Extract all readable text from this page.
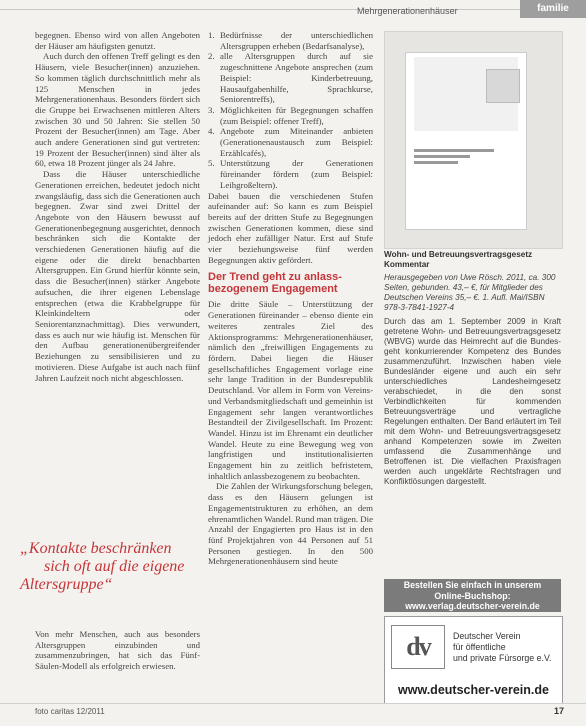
Mehrgenerationenhäuser	familie

begegnen. Ebenso wird von allen Angeboten der Häuser am häufigsten genutzt.

Auch durch den offenen Treff gelingt es den Häusern, viele Besucher(innen) anzuziehen. So kommen täglich durchschnittlich mehr als 125 Menschen in jedes Mehrgenerationenhaus. Besonders fördert sich die Gruppe bei Erwachsenen mittleren Alters zwischen 30 und 50 Jahren: Sie stellen 50 Prozent der Besucher(innen) am Tage. Aber auch andere Generationen sind gut vertreten: 19 Prozent der Besucher(innen) sind älter als 60, etwa 18 Prozent jünger als 24 Jahre.

Dass die Häuser unterschiedliche Generationen erreichen, bedeutet jedoch nicht zwangsläufig, dass sich die Generationen auch begegnen. Zwar sind zwei Drittel der Angebote von den Häusern bewusst auf Generationenbegegnung ausgerichtet, dennoch beschränken sich die Kontakte der verschiedenen Generationen häufig auf die eigene oder die direkt benachbarten Altersgruppen. Ein Grund hierfür könnte sein, dass die Besucher(innen) stärker Angebote aufsuchen, die ihrer eigenen Lebenslage entsprechen (etwa die Krabbelgruppe für Kleinkindeltern oder Seniorentanznachmittag). Dies verwundert, dass es auch nur wie häufig ist. Menschen für den Aufbau generationenübergreifender Beziehungen zu sensibilisieren und zu motivieren. Diese Aufgabe ist auch nach fünf Jahren Laufzeit noch nicht abgeschlossen.

„Kontakte beschränken
sich oft auf die eigene
Altersgruppe“

Von mehr Menschen, auch aus besonders Altersgruppen einzubinden und zusammenzubringen, hat sich das Fünf-Säulen-Modell als erfolgreich erwiesen.

1. Bedürfnisse der unterschiedlichen Altersgruppen erheben (Bedarfsanalyse),
2. alle Altersgruppen durch auf sie zugeschnittene Angebote ansprechen (zum Beispiel: Kinderbetreuung, Hausaufgabenhilfe, Sprachkurse, Seniorentreffs),
3. Möglichkeiten für Begegnungen schaffen (zum Beispiel: offener Treff),
4. Angebote zum Miteinander anbieten (Generationenaustausch zum Beispiel: Erzählcafés),
5. Unterstützung der Generationen füreinander fördern (zum Beispiel: Leihgroßeltern).

Dabei bauen die verschiedenen Stufen aufeinander auf: So kann es zum Beispiel bereits auf der dritten Stufe zu Begegnungen zwischen Generationen kommen, diese sind jedoch eher zufälliger Natur. Erst auf Stufe vier beziehungsweise fünf werden Begegnungen aktiv gefördert.

Der Trend geht zu anlass-
bezogenem Engagement

Die dritte Säule – Unterstützung der Generationen füreinander – ebenso diente ein weiteres zentrales Ziel des Aktionsprogramms: Mehrgenerationenhäuser, nämlich den „freiwilligen Engagements zu fördern. Dabei liegen die Häuser gesellschaftliches Engagement vorlage eine sehr lange Tradition in der Bundesrepublik Deutschland. Vor allem in Form von Vereins- und Verbandsmitgliedschaft und gemeinhin ist Engagement sehr langen verantwortliches Bestandteil der Zivilgesellschaft. Im Prozent: Wandel. Hinzu ist im Ehrenamt ein deutlicher Wandel. Heute zu eine Bewegung weg von langfristigen und institutionalisierten Engagement hin zu zeitlich befristetem, inhaltlich anlassbezogenem zu beobachten.

Die Zahlen der Wirkungsforschung belegen, dass es den Häusern gelungen ist Engagementstrukturen zu erhöhen, an dem ehrenamtlichen Wandel. Rund man trägen. Die Anzahl der Engagierten pro Haus ist in den fünf Projektjahren von 44 Personen auf 51 Personen gestiegen. In den 500 Mehrgenerationenhäusern sind heute

Wohn- und Betreuungsvertragsgesetz Kommentar
Herausgegeben von Uwe Rösch. 2011, ca. 300 Seiten, gebunden. 43,– €, für Mitglieder des Deutschen Vereins 35,– €. 1. Aufl. Mai/ISBN 978-3-7841-1927-4
Durch das am 1. September 2009 in Kraft getretene Wohn- und Betreuungsvertragsgesetz (WBVG) wurde das Heimrecht auf die Bundes- geht konkurrierender Kompetenz des Bundes zusammenzuführt. Inzwischen haben viele Bundesländer eigene und auch ein sehr unterschiedliches Landesheimgesetz verabschiedet, in die den sonst Verbindlichkeiten für kommenden Betreuungsverträge und vertragliche Regelungen enthalten. Der Band erläutert im Teil mit dem Wohn- und Betreuungsvertragsgesetz anhand Kompetenzen sowie im Zweiten umfassend die Zusammenhänge und Betroffenen ist. Die vielfachen Praxisfragen werden auch ungeklärte Rechtsfragen und Konfliktlösungen dargestellt.
Bestellen Sie einfach in unserem
Online-Buchshop:
www.verlag.deutscher-verein.de
dv	Deutscher Verein
für öffentliche
und private Fürsorge e.V.
www.deutscher-verein.de
foto caritas 12/2011	17
